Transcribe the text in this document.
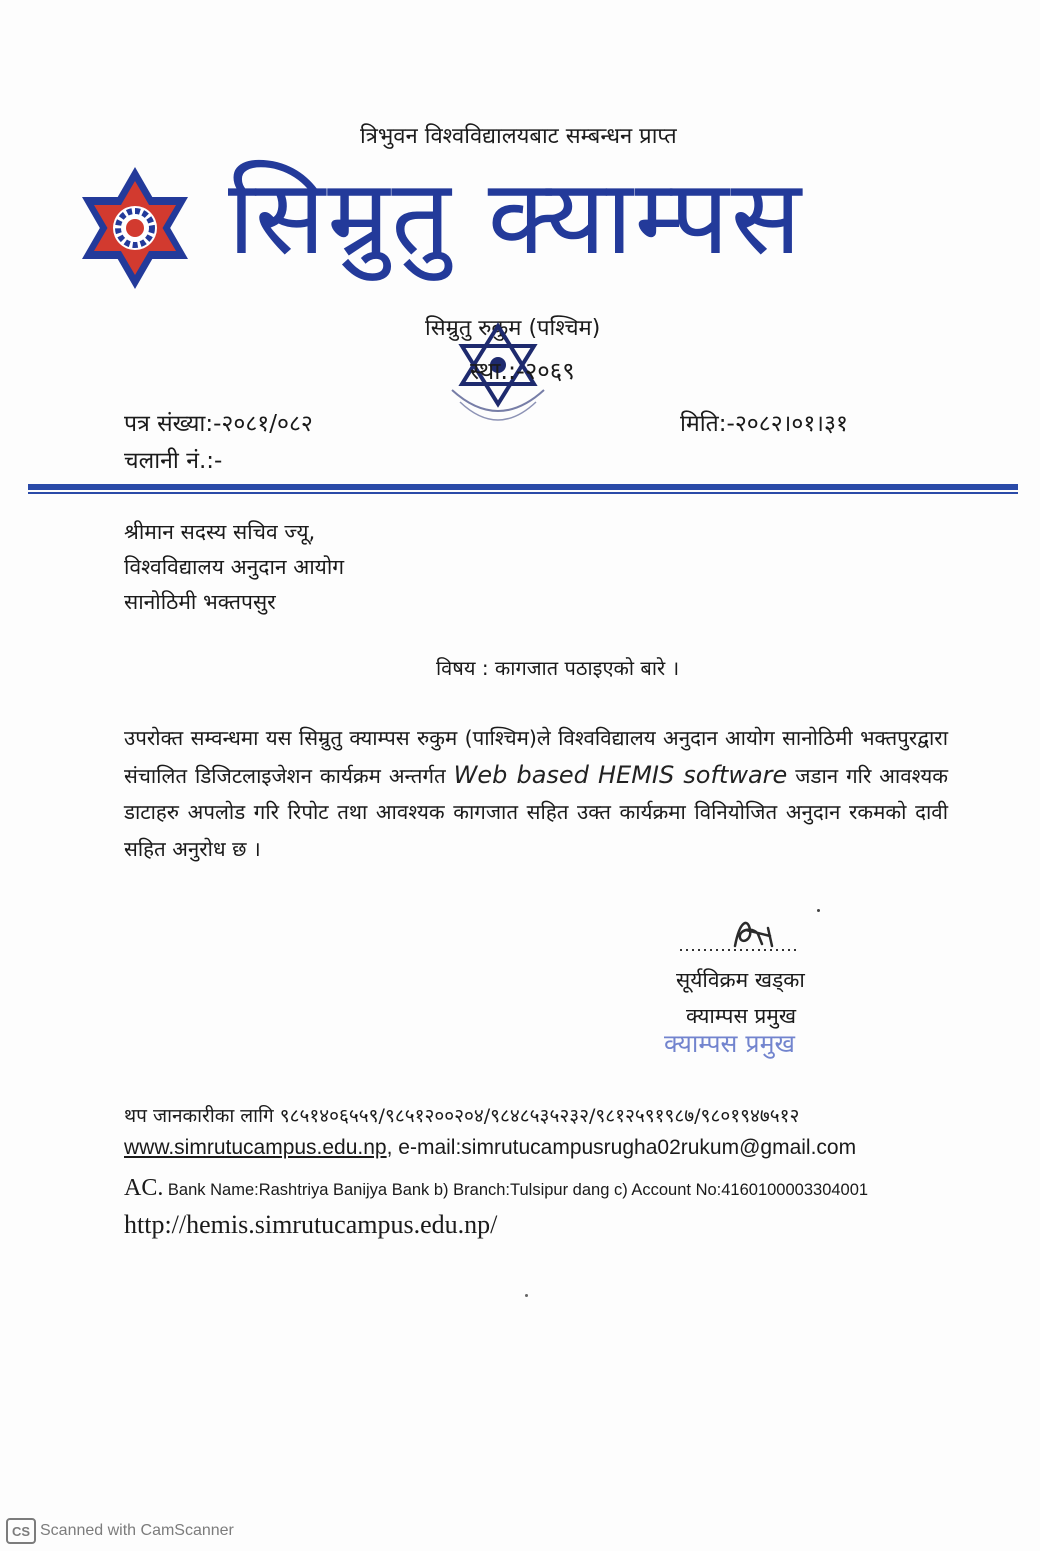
त्रिभुवन विश्वविद्यालयबाट सम्बन्धन प्राप्त
सिम्रुतु क्याम्पस
सिम्रुतु रुकुम (पश्चिम)
स्था.:-२०६९
पत्र संख्या:-२०८१/०८२
चलानी नं.:-
मिति:-२०८२।०१।३१
श्रीमान सदस्य सचिव ज्यू,
विश्वविद्यालय अनुदान आयोग
सानोठिमी भक्तपसुर
विषय : कागजात पठाइएको बारे ।
उपरोक्त सम्वन्धमा यस सिम्रुतु क्याम्पस रुकुम (पाश्चिम)ले विश्वविद्यालय अनुदान आयोग सानोठिमी भक्तपुरद्वारा संचालित डिजिटलाइजेशन कार्यक्रम अन्तर्गत Web based HEMIS software जडान गरि आवश्यक डाटाहरु अपलोड गरि रिपोट तथा आवश्यक कागजात सहित उक्त कार्यक्रमा विनियोजित अनुदान रकमको दावी सहित अनुरोध छ ।
सूर्यविक्रम खड्का
क्याम्पस प्रमुख
क्याम्पस प्रमुख
थप जानकारीका लागि ९८५१४०६५५९/९८५१२००२०४/९८४८५३५२३२/९८१२५९१९८७/९८०१९४७५१२
www.simrutucampus.edu.np, e-mail:simrutucampusrugha02rukum@gmail.com
AC. Bank Name:Rashtriya Banijya Bank b) Branch:Tulsipur dang c) Account No:4160100003304001
http://hemis.simrutucampus.edu.np/
CS Scanned with CamScanner
